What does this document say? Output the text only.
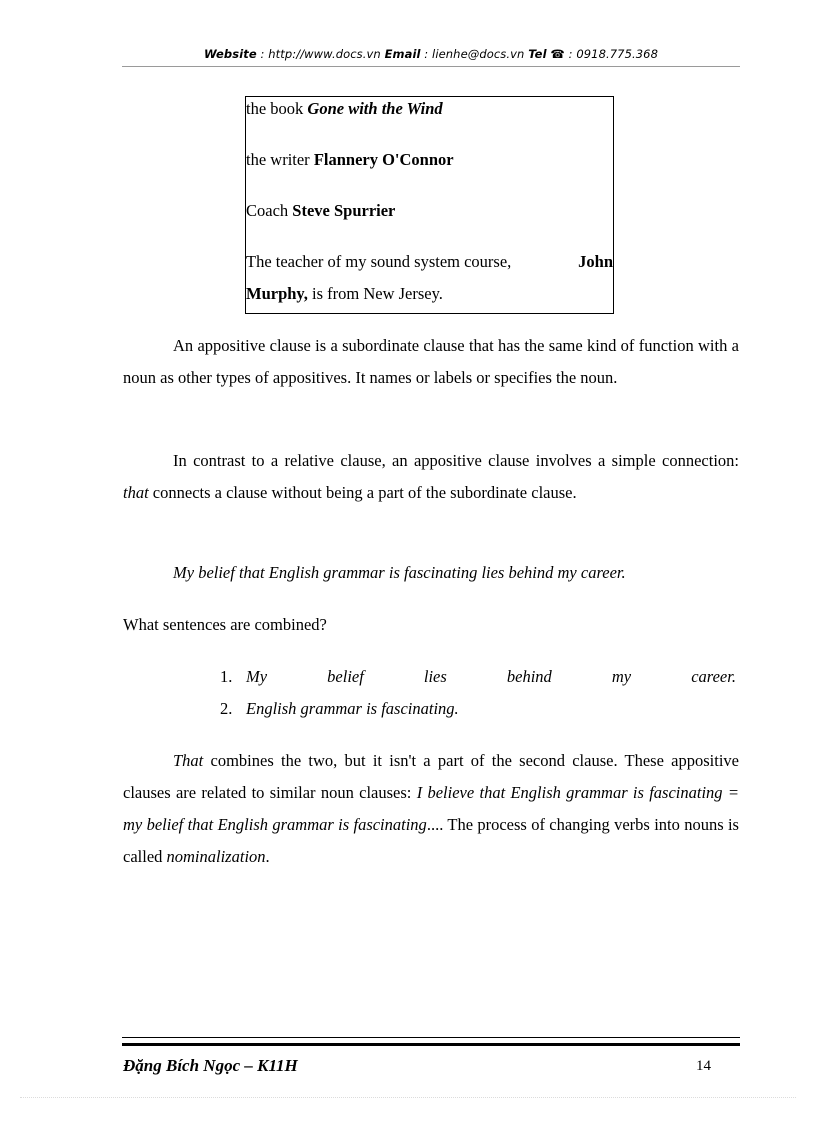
Website : http://www.docs.vn Email : lienhe@docs.vn Tel ☎ : 0918.775.368
the book Gone with the Wind
the writer Flannery O'Connor
Coach Steve Spurrier
The teacher of my sound system course,	John
Murphy, is from New Jersey.

An appositive clause is a subordinate clause that has the same kind of function with a noun as other types of appositives. It names or labels or specifies the noun.

In contrast to a relative clause, an appositive clause involves a simple connection: that connects a clause without being a part of the subordinate clause.

My belief that English grammar is fascinating lies behind my career.
What sentences are combined?
1. My	belief	lies	behind	my	career.
2. English grammar is fascinating.

That combines the two, but it isn't a part of the second clause. These appositive clauses are related to similar noun clauses: I believe that English grammar is fascinating = my belief that English grammar is fascinating.... The process of changing verbs into nouns is called nominalization.

Đặng Bích Ngọc – K11H	14
